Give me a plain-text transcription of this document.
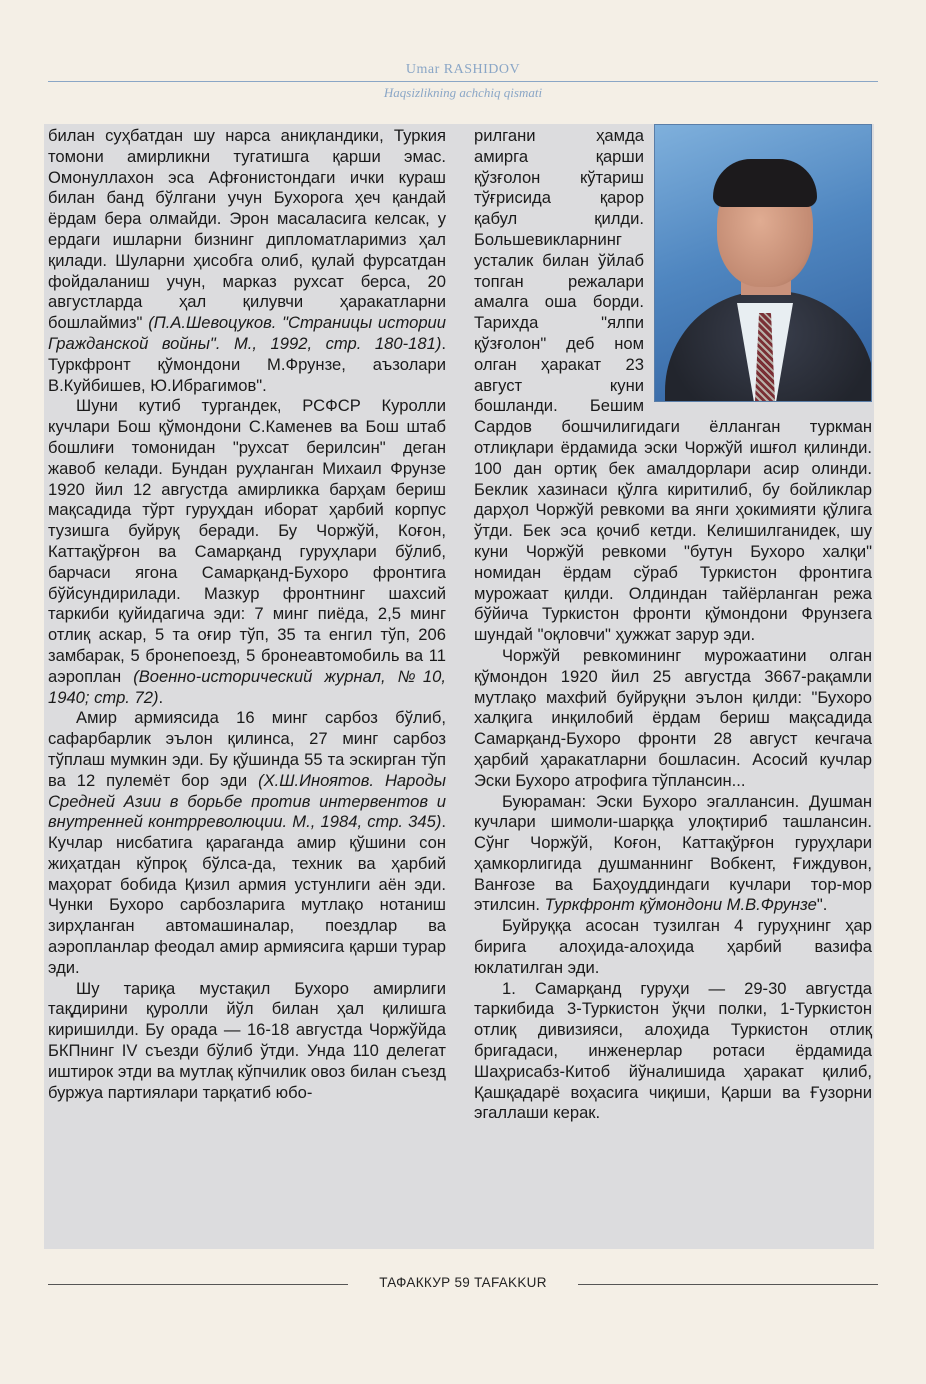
Umar RASHIDOV
Haqsizlikning achchiq qismati

билан суҳбатдан шу нарса аниқландики, Туркия томони амирликни тугатишга қарши эмас. Омонуллахон эса Афғонистондаги ички кураш билан банд бўлгани учун Бухорога ҳеч қандай ёрдам бера олмайди. Эрон масаласига келсак, у ердаги ишларни бизнинг дипломатларимиз ҳал қилади. Шуларни ҳисобга олиб, қулай фурсатдан фойдаланиш учун, марказ рухсат берса, 20 августларда ҳал қилувчи ҳаракатларни бошлаймиз" (П.А.Шевоцуков. "Страницы истории Гражданской войны". М., 1992, стр. 180-181). Туркфронт қўмондони М.Фрунзе, аъзолари В.Куйбишев, Ю.Ибрагимов".

Шуни кутиб тургандек, РСФСР Куролли кучлари Бош қўмондони С.Каменев ва Бош штаб бошлиғи томонидан "рухсат берилсин" деган жавоб келади. Бундан руҳланган Михаил Фрунзе 1920 йил 12 августда амирликка барҳам бериш мақсадида тўрт гуруҳдан иборат ҳарбий корпус тузишга буйруқ беради. Бу Чоржўй, Коғон, Каттақўрғон ва Самарқанд гуруҳлари бўлиб, барчаси ягона Самарқанд-Бухоро фронтига бўйсундирилади. Мазкур фронтнинг шахсий таркиби қуйидагича эди: 7 минг пиёда, 2,5 минг отлиқ аскар, 5 та оғир тўп, 35 та енгил тўп, 206 замбарак, 5 бронепоезд, 5 бронеавтомобиль ва 11 аэроплан (Военно-исторический журнал, №10, 1940; стр. 72).

Амир армиясида 16 минг сарбоз бўлиб, сафарбарлик эълон қилинса, 27 минг сарбоз тўплаш мумкин эди. Бу қўшинда 55 та эскирган тўп ва 12 пулемёт бор эди (Х.Ш.Иноятов. Народы Средней Азии в борьбе против интервентов и внутренней контрреволюции. М., 1984, стр. 345). Кучлар нисбатига қараганда амир қўшини сон жиҳатдан кўпроқ бўлса-да, техник ва ҳарбий маҳорат бобида Қизил армия устунлиги аён эди. Чунки Бухоро сарбозларига мутлақо нотаниш зирҳланган автомашиналар, поездлар ва аэропланлар феодал амир армиясига қарши турар эди.

Шу тариқа мустақил Бухоро амирлиги тақдирини қуролли йўл билан ҳал қилишга киришилди. Бу орада — 16-18 августда Чоржўйда БКПнинг IV съезди бўлиб ўтди. Унда 110 делегат иштирок этди ва мутлақ кўпчилик овоз билан съезд буржуа партиялари тарқатиб юбо-

рилгани ҳамда амирга қарши қўзғолон кўтариш тўғрисида қарор қабул қилди. Большевикларнинг усталик билан ўйлаб топган режалари амалга оша борди. Тарихда "ялпи қўзғолон" деб ном олган ҳаракат 23 август куни бошланди. Бешим Сардов бошчилигидаги ёлланган туркман отлиқлари ёрдамида эски Чоржўй ишғол қилинди. 100 дан ортиқ бек амалдорлари асир олинди. Беклик хазинаси қўлга киритилиб, бу бойликлар дарҳол Чоржўй ревкоми ва янги ҳокимияти қўлига ўтди. Бек эса қочиб кетди. Келишилганидек, шу куни Чоржўй ревкоми "бутун Бухоро халқи" номидан ёрдам сўраб Туркистон фронтига мурожаат қилди. Олдиндан тайёрланган режа бўйича Туркистон фронти қўмондони Фрунзега шундай "оқловчи" ҳужжат зарур эди.

Чоржўй ревкомининг мурожаатини олган қўмондон 1920 йил 25 августда 3667-рақамли мутлақо махфий буйруқни эълон қилди: "Бухоро халқига инқилобий ёрдам бериш мақсадида Самарқанд-Бухоро фронти 28 август кечгача ҳарбий ҳаракатларни бошласин. Асосий кучлар Эски Бухоро атрофига тўплансин...

Буюраман: Эски Бухоро эгаллансин. Душман кучлари шимоли-шарққа улоқтириб ташлансин. Сўнг Чоржўй, Коғон, Каттақўрғон гуруҳлари ҳамкорлигида душманнинг Вобкент, Ғиждувон, Ванғозе ва Баҳоуддиндаги кучлари тор-мор этилсин. Туркфронт қўмондони М.В.Фрунзе".

Буйруққа асосан тузилган 4 гуруҳнинг ҳар бирига алоҳида-алоҳида ҳарбий вазифа юклатилган эди.

1. Самарқанд гуруҳи — 29-30 августда таркибида 3-Туркистон ўқчи полки, 1-Туркистон отлиқ дивизияси, алоҳида Туркистон отлиқ бригадаси, инженерлар ротаси ёрдамида Шаҳрисабз-Китоб йўналишида ҳаракат қилиб, Қашқадарё воҳасига чиқиши, Қарши ва Ғузорни эгаллаши керак.

ТАФАККУР 59 TAFAKKUR
